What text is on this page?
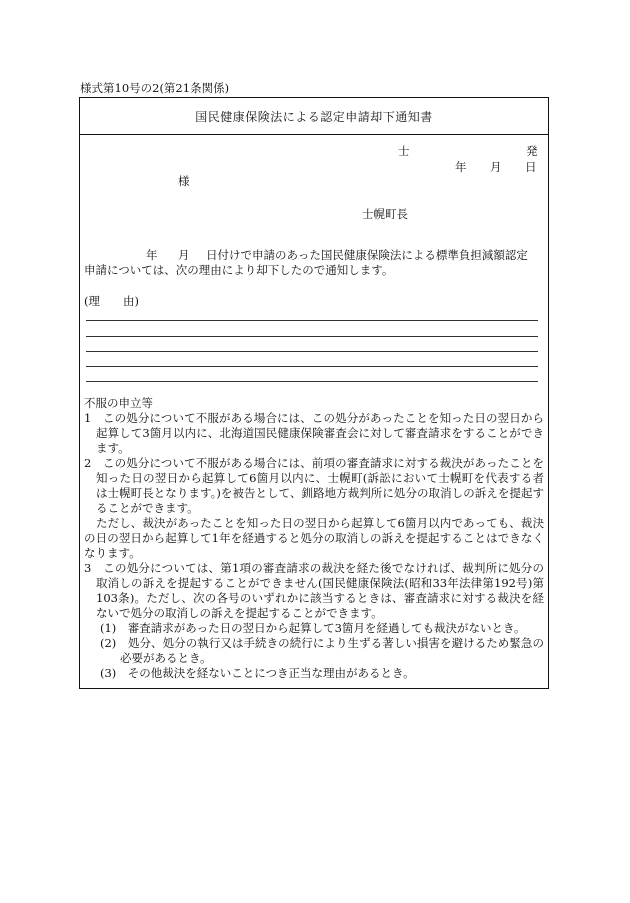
様式第10号の2(第21条関係)
国民健康保険法による認定申請却下通知書
士	発
年 月 日
様
士幌町長
年 月 日付けで申請のあった国民健康保険法による標準負担減額認定
申請については、次の理由により却下したので通知します。
(理　　由)

不服の申立等

1　この処分について不服がある場合には、この処分があったことを知った日の翌日から起算して3箇月以内に、北海道国民健康保険審査会に対して審査請求をすることができます。

2　この処分について不服がある場合には、前項の審査請求に対する裁決があったことを知った日の翌日から起算して6箇月以内に、士幌町(訴訟において士幌町を代表する者は士幌町長となります。)を被告として、釧路地方裁判所に処分の取消しの訴えを提起することができます。

ただし、裁決があったことを知った日の翌日から起算して6箇月以内であっても、裁決の日の翌日から起算して1年を経過すると処分の取消しの訴えを提起することはできなくなります。

3　この処分については、第1項の審査請求の裁決を経た後でなければ、裁判所に処分の取消しの訴えを提起することができません(国民健康保険法(昭和33年法律第192号)第103条)。ただし、次の各号のいずれかに該当するときは、審査請求に対する裁決を経ないで処分の取消しの訴えを提起することができます。

(1)　審査請求があった日の翌日から起算して3箇月を経過しても裁決がないとき。

(2)　処分、処分の執行又は手続きの続行により生ずる著しい損害を避けるため緊急の必要があるとき。

(3)　その他裁決を経ないことにつき正当な理由があるとき。
